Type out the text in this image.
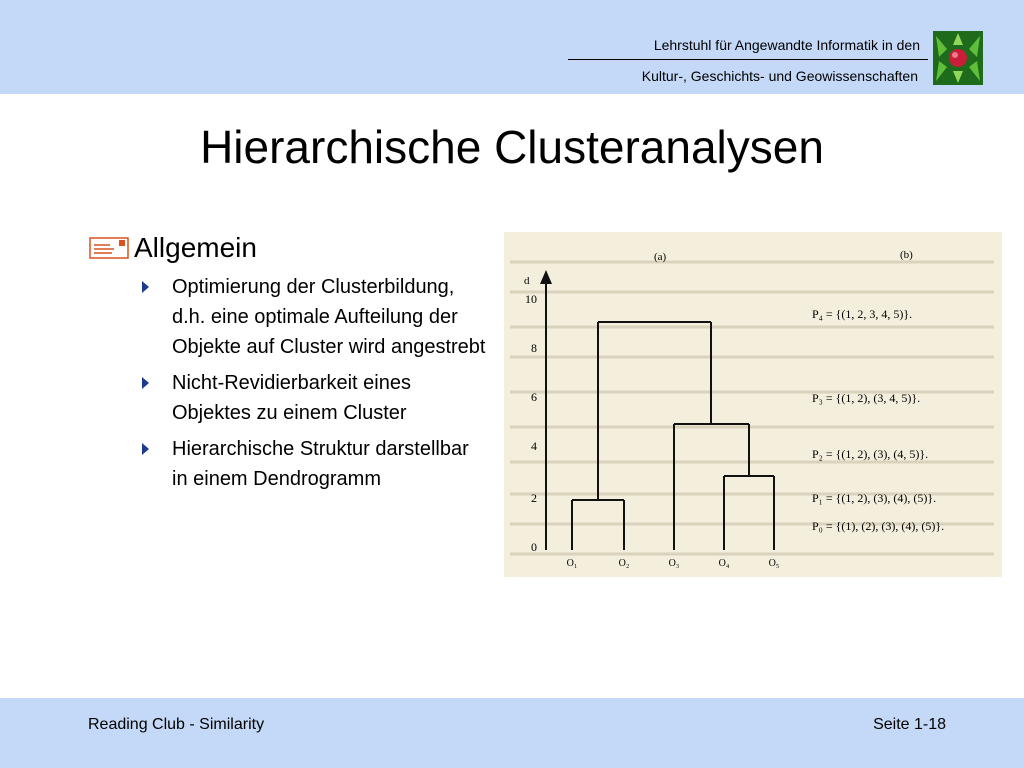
Lehrstuhl für Angewandte Informatik in den
Kultur-, Geschichts- und Geowissenschaften
Hierarchische Clusteranalysen
Allgemein
Optimierung der Clusterbildung, d.h. eine optimale Aufteilung der Objekte auf Cluster wird angestrebt
Nicht-Revidierbarkeit eines Objektes zu einem Cluster
Hierarchische Struktur darstellbar in einem Dendrogramm
(a)	(b)
d
10
8
6
4
2
0
O₁	O₂	O₃	O₄	O₅
P₄ = {(1, 2, 3, 4, 5)}.
P₃ = {(1, 2), (3, 4, 5)}.
P₂ = {(1, 2), (3), (4, 5)}.
P₁ = {(1, 2), (3), (4), (5)}.
P₀ = {(1), (2), (3), (4), (5)}.
Reading Club - Similarity	Seite 1-18
